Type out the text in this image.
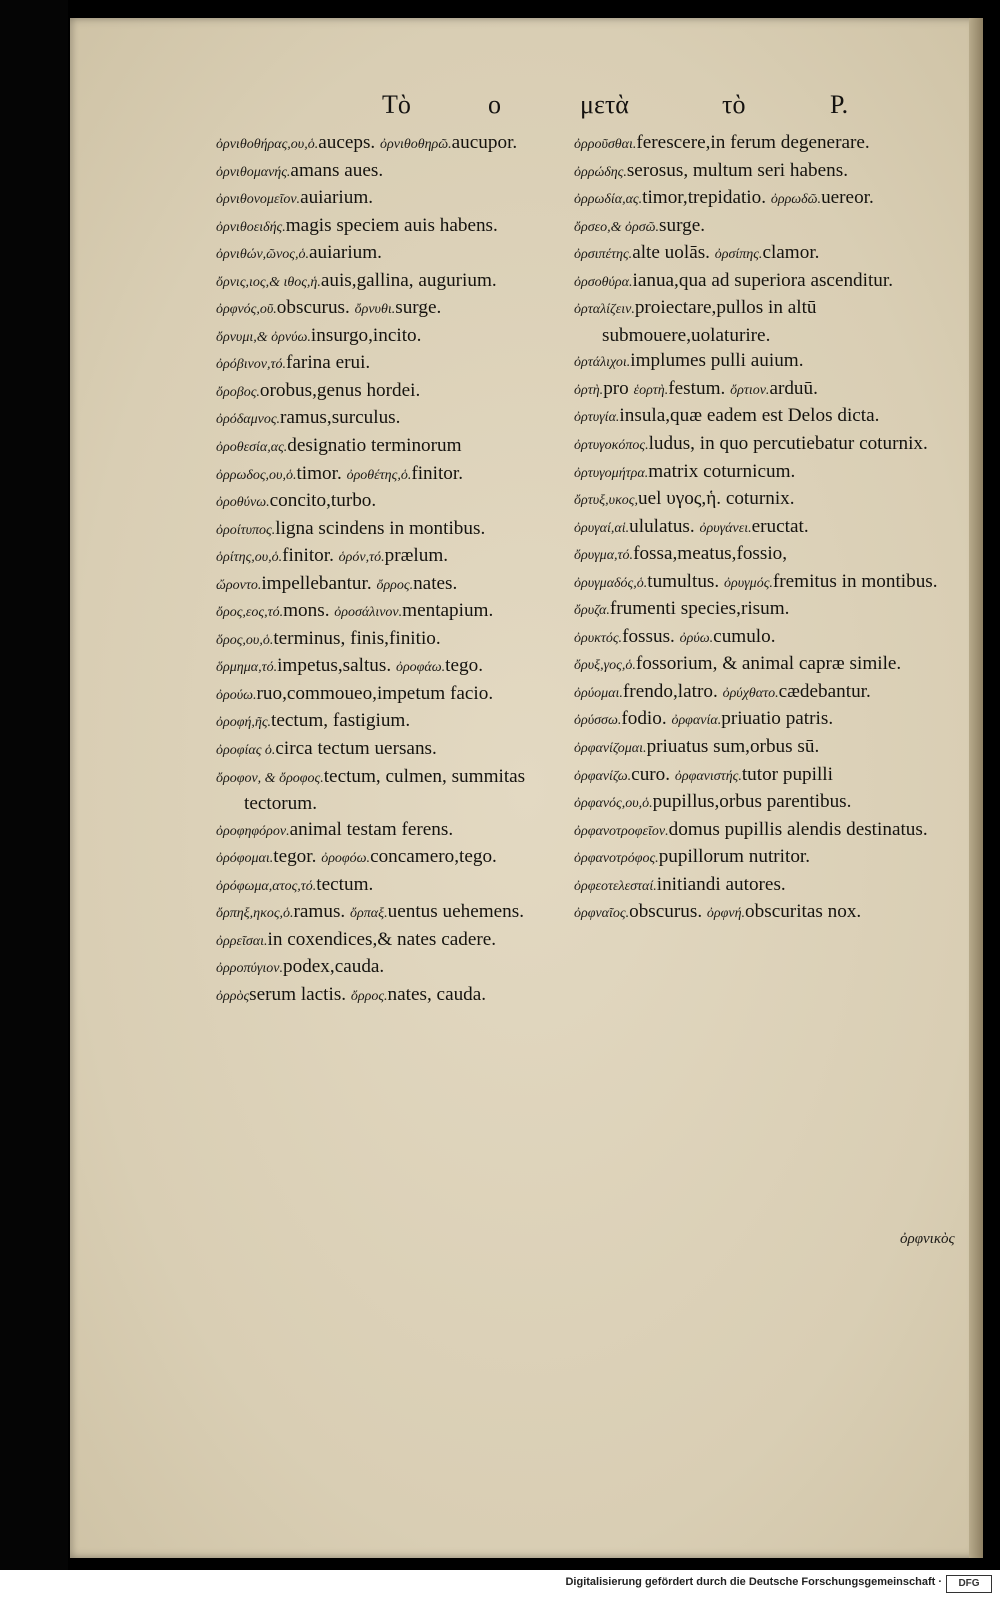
Τὸ	ο	μετὰ	τὸ	P.
ὀρφνικὸς
ὀρνιθοθήρας,ου,ὁ.auceps. ὀρνιθοθηρῶ.aucupor.
ὀρνιθομανής.amans aues.
ὀρνιθονομεῖον.auiarium.
ὀρνιθοειδής.magis speciem auis habens.
ὀρνιθών,ῶνος,ὁ.auiarium.
ὄρνις,ιος,& ιθος,ἡ.auis,gallina, augurium.
ὀρφνός,οῦ.obscurus. ὄρνυθι.surge.
ὄρνυμι,& ὀρνύω.insurgo,incito.
ὀρόβινον,τό.farina erui.
ὄροβος.orobus,genus hordei.
ὀρόδαμνος.ramus,surculus.
ὀροθεσία,ας.designatio terminorum
ὀρρωδος,ου,ὁ.timor. ὀροθέτης,ὁ.finitor.
ὀροθύνω.concito,turbo.
ὀροίτυπος.ligna scindens in montibus.
ὁρίτης,ου,ὁ.finitor. ὁρόν,τό.prælum.
ὤροντο.impellebantur. ὄρρος.nates.
ὄρος,εος,τό.mons. ὀροσάλινον.mentapium.
ὅρος,ου,ὁ.terminus, finis,finitio.
ὅρμημα,τό.impetus,saltus. ὀροφάω.tego.
ὀρούω.ruo,commoueo,impetum facio.
ὀροφή,ῆς.tectum, fastigium.
ὀροφίας ὁ.circa tectum uersans.
ὄροφον, & ὄροφος.tectum, culmen, summitas tectorum.
ὀροφηφόρον.animal testam ferens.
ὀρόφομαι.tegor. ὀροφόω.concamero,tego.
ὀρόφωμα,ατος,τό.tectum.
ὄρπηξ,ηκος,ὁ.ramus. ὄρπαξ.uentus uehemens.
ὀρρεῖσαι.in coxendices,& nates cadere.
ὀρροπύγιον.podex,cauda.
ὀρρὸςserum lactis. ὄρρος.nates, cauda.
ὀρροῦσθαι.ferescere,in ferum degenerare.
ὀρρώδης.serosus, multum seri habens.
ὀρρωδία,ας.timor,trepidatio. ὀρρωδῶ.uereor.
ὄρσεο,& ὀρσῶ.surge.
ὀρσιπέτης.alte uolās. ὀρσίπης.clamor.
ὀρσοθύρα.ianua,qua ad superiora ascenditur.
ὀρταλίζειν.proiectare,pullos in altū submouere,uolaturire.
ὀρτάλιχοι.implumes pulli auium.
ὀρτὴ.pro ἑορτὴ.festum. ὄρτιον.arduū.
ὀρτυγία.insula,quæ eadem est Delos dicta.
ὀρτυγοκόπος.ludus, in quo percutiebatur coturnix.
ὀρτυγομήτρα.matrix coturnicum.
ὄρτυξ,υκος,uel υγος,ἡ. coturnix.
ὀρυγαί,αἱ.ululatus. ὀρυγάνει.eructat.
ὄρυγμα,τό.fossa,meatus,fossio,
ὀρυγμαδός,ὁ.tumultus. ὀρυγμός.fremitus in montibus.
ὄρυζα.frumenti species,risum.
ὀρυκτός.fossus. ὀρύω.cumulo.
ὄρυξ,γος,ὁ.fossorium, & animal capræ simile.
ὀρύομαι.frendo,latro. ὀρύχθατο.cædebantur.
ὀρύσσω.fodio. ὀρφανία.priuatio patris.
ὀρφανίζομαι.priuatus sum,orbus sū.
ὀρφανίζω.curo. ὀρφανιστής.tutor pupilli
ὀρφανός,ου,ὁ.pupillus,orbus parentibus.
ὀρφανοτροφεῖον.domus pupillis alendis destinatus.
ὀρφανοτρόφος.pupillorum nutritor.
ὀρφεοτελεσταί.initiandi autores.
ὀρφναῖος.obscurus. ὀρφνή.obscuritas nox.
Digitalisierung gefördert durch die Deutsche Forschungsgemeinschaft ·	DFG
